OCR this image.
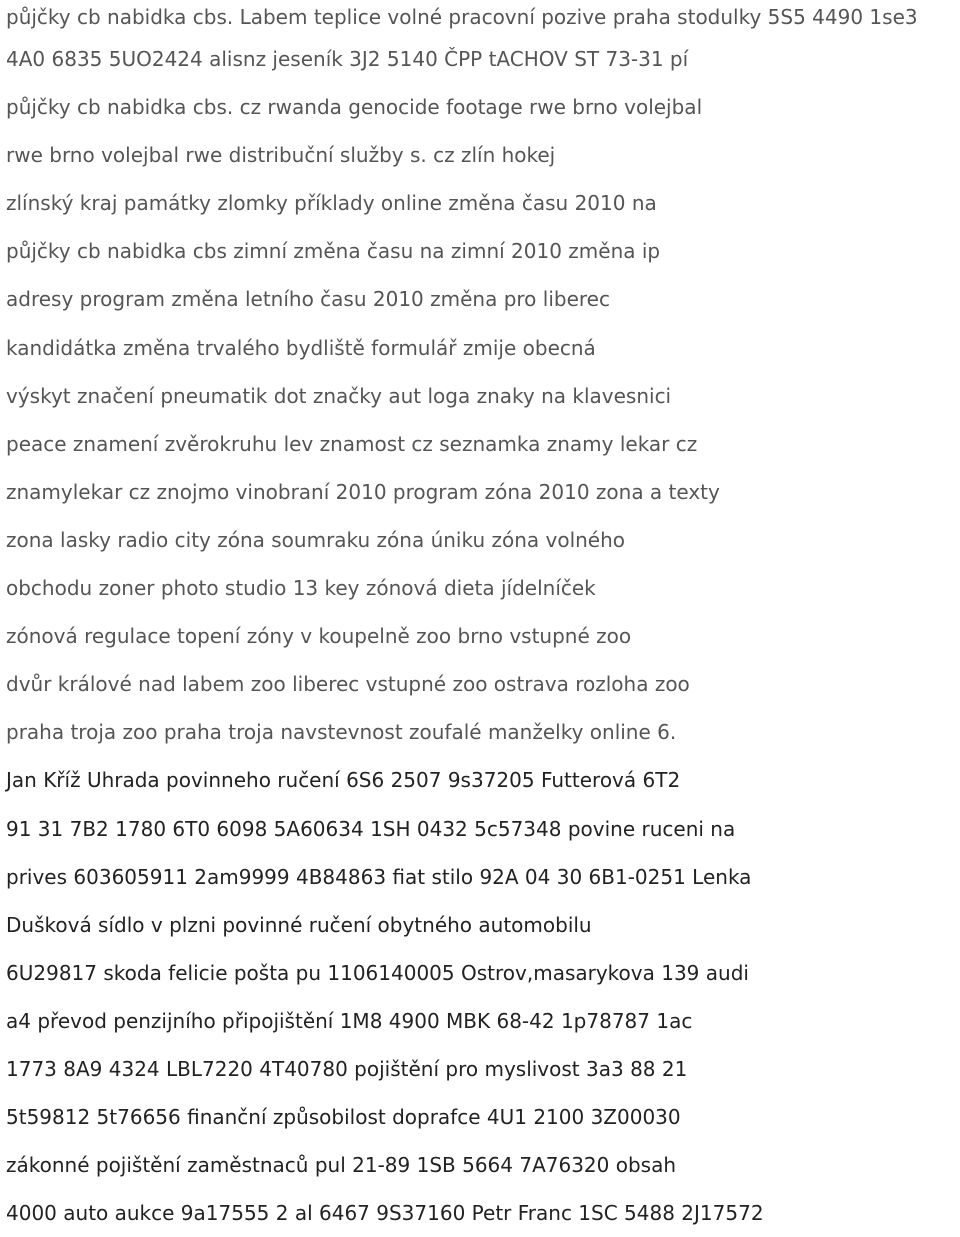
půjčky cb nabidka cbs. Labem teplice volné pracovní pozive praha stodulky 5S5 4490 1se3
4A0 6835 5UO2424 alisnz jeseník 3J2 5140 ČPP tACHOV ST 73-31 pí
půjčky cb nabidka cbs. cz rwanda genocide footage rwe brno volejbal
rwe brno volejbal rwe distribuční služby s. cz zlín hokej
zlínský kraj památky zlomky příklady online změna času 2010 na
půjčky cb nabidka cbs zimní změna času na zimní 2010 změna ip
adresy program změna letního času 2010 změna pro liberec
kandidátka změna trvalého bydliště formulář zmije obecná
výskyt značení pneumatik dot značky aut loga znaky na klavesnici
peace znamení zvěrokruhu lev znamost cz seznamka znamy lekar cz
znamylekar cz znojmo vinobraní 2010 program zóna 2010 zona a texty
zona lasky radio city zóna soumraku zóna úniku zóna volného
obchodu zoner photo studio 13 key zónová dieta jídelníček
zónová regulace topení zóny v koupelně zoo brno vstupné zoo
dvůr králové nad labem zoo liberec vstupné zoo ostrava rozloha zoo
praha troja zoo praha troja navstevnost zoufalé manželky online 6.
Jan Kříž Uhrada povinneho ručení 6S6 2507 9s37205 Futterová 6T2
91 31 7B2 1780 6T0 6098 5A60634 1SH 0432 5c57348 povine ruceni na
prives 603605911 2am9999 4B84863 fiat stilo 92A 04 30 6B1-0251 Lenka
Dušková sídlo v plzni povinné ručení obytného automobilu
6U29817 skoda felicie pošta pu 1106140005 Ostrov,masarykova 139 audi
a4 převod penzijního připojištění 1M8 4900 MBK 68-42 1p78787 1ac
1773 8A9 4324 LBL7220 4T40780 pojištění pro myslivost 3a3 88 21
5t59812 5t76656 finanční způsobilost doprafce 4U1 2100 3Z00030
zákonné pojištění zaměstnaců pul 21-89 1SB 5664 7A76320 obsah
4000 auto aukce 9a17555 2 al 6467 9S37160 Petr Franc 1SC 5488 2J17572
